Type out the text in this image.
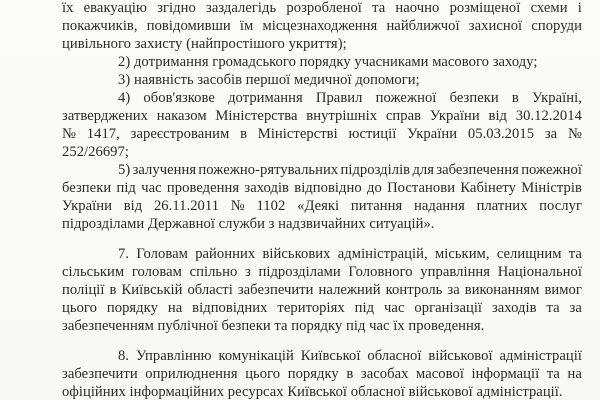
їх евакуацію згідно заздалегідь розробленої та наочно розміщеної схеми і
покажчиків, повідомивши їм місцезнаходження найближчої захисної споруди
цивільного захисту (найпростішого укриття);
2) дотримання громадського порядку учасниками масового заходу;
3) наявність засобів першої медичної допомоги;
4) обов'язкове дотримання Правил пожежної безпеки в Україні,
затверджених наказом Міністерства внутрішніх справ України від 30.12.2014
№ 1417, зареєстрованим в Міністерстві юстиції України 05.03.2015 за №
252/26697;
5) залучення пожежно-рятувальних підрозділів для забезпечення пожежної
безпеки під час проведення заходів відповідно до Постанови Кабінету Міністрів
України від 26.11.2011 № 1102 «Деякі питання надання платних послуг
підрозділами Державної служби з надзвичайних ситуацій».
7. Головам районних військових адміністрацій, міським, селищним та
сільським головам спільно з підрозділами Головного управління Національної
поліції в Київській області забезпечити належний контроль за виконанням вимог
цього порядку на відповідних територіях під час організації заходів та за
забезпеченням публічної безпеки та порядку під час їх проведення.
8. Управлінню комунікацій Київської обласної військової адміністрації
забезпечити оприлюднення цього порядку в засобах масової інформації та на
офіційних інформаційних ресурсах Київської обласної військової адміністрації.
